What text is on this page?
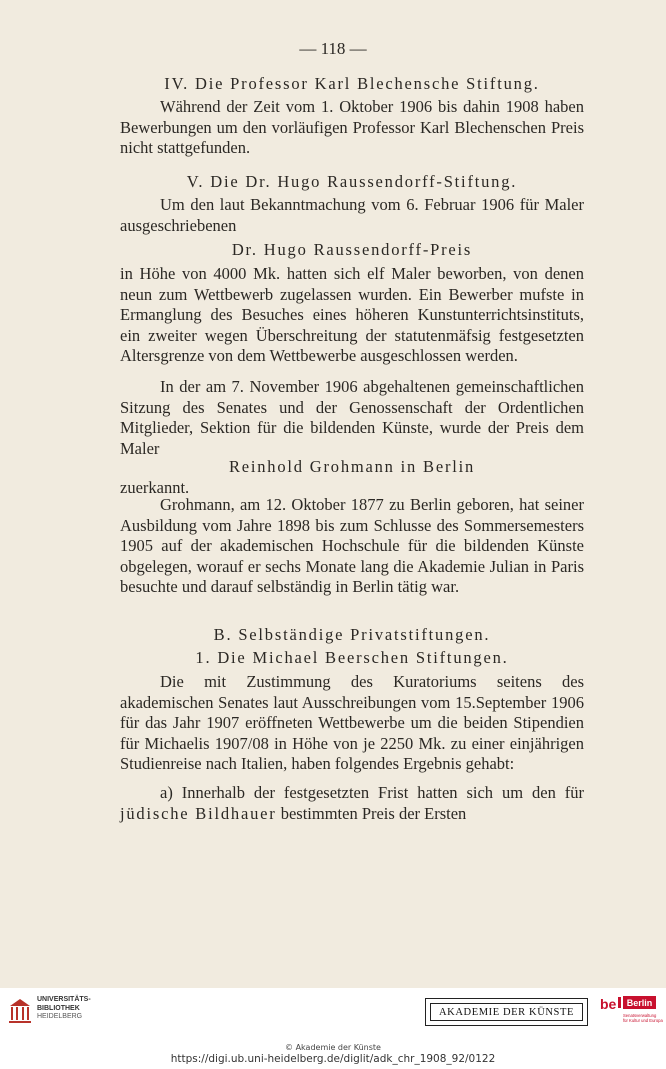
— 118 —
IV. Die Professor Karl Blechensche Stiftung.
Während der Zeit vom 1. Oktober 1906 bis dahin 1908 haben Bewerbungen um den vorläufigen Professor Karl Blechenschen Preis nicht stattgefunden.
V. Die Dr. Hugo Raussendorff-Stiftung.
Um den laut Bekanntmachung vom 6. Februar 1906 für Maler ausgeschriebenen
Dr. Hugo Raussendorff-Preis
in Höhe von 4000 Mk. hatten sich elf Maler beworben, von denen neun zum Wettbewerb zugelassen wurden. Ein Bewerber mufste in Ermanglung des Besuches eines höheren Kunstunterrichtsinstituts, ein zweiter wegen Überschreitung der statutenmäfsig festgesetzten Altersgrenze von dem Wettbewerbe ausgeschlossen werden.
In der am 7. November 1906 abgehaltenen gemeinschaftlichen Sitzung des Senates und der Genossenschaft der Ordentlichen Mitglieder, Sektion für die bildenden Künste, wurde der Preis dem Maler
Reinhold Grohmann in Berlin
zuerkannt.
Grohmann, am 12. Oktober 1877 zu Berlin geboren, hat seiner Ausbildung vom Jahre 1898 bis zum Schlusse des Sommersemesters 1905 auf der akademischen Hochschule für die bildenden Künste obgelegen, worauf er sechs Monate lang die Akademie Julian in Paris besuchte und darauf selbständig in Berlin tätig war.
B. Selbständige Privatstiftungen.
1. Die Michael Beerschen Stiftungen.
Die mit Zustimmung des Kuratoriums seitens des akademischen Senates laut Ausschreibungen vom 15.September 1906 für das Jahr 1907 eröffneten Wettbewerbe um die beiden Stipendien für Michaelis 1907/08 in Höhe von je 2250 Mk. zu einer einjährigen Studienreise nach Italien, haben folgendes Ergebnis gehabt:
a) Innerhalb der festgesetzten Frist hatten sich um den für jüdische Bildhauer bestimmten Preis der Ersten
UNIVERSITÄTS-
BIBLIOTHEK
HEIDELBERG	AKADEMIE DER KÜNSTE	be Berlin
Senatsverwaltung
für Kultur und Europa
© Akademie der Künste
https://digi.ub.uni-heidelberg.de/diglit/adk_chr_1908_92/0122
